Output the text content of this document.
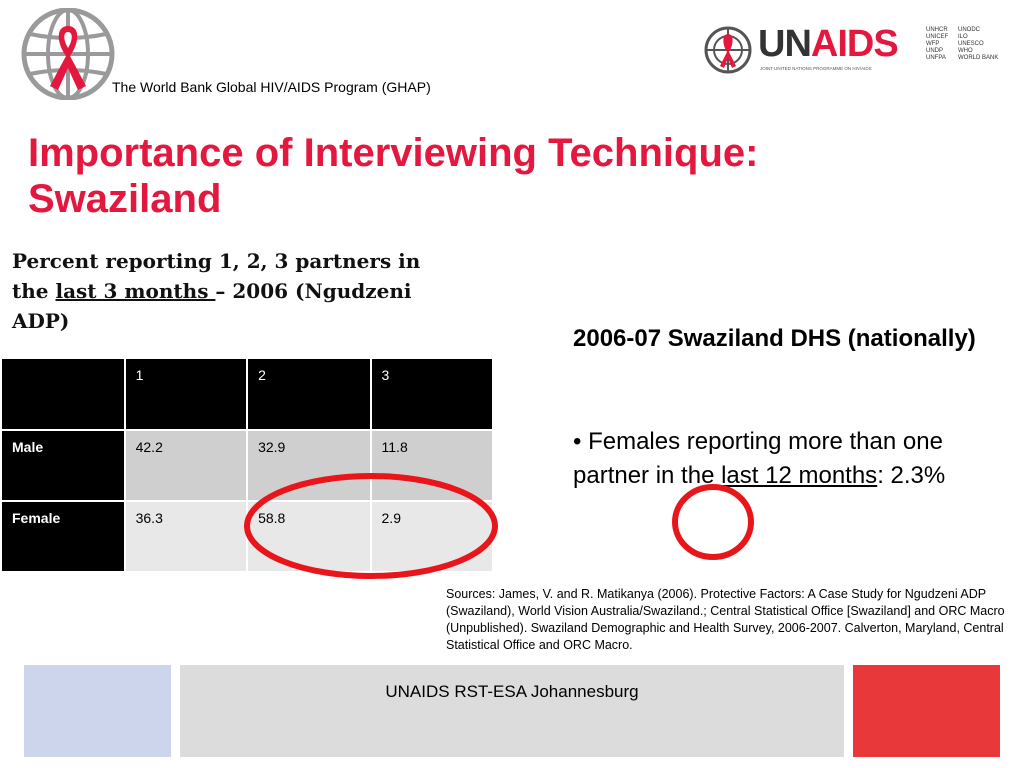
The World Bank Global HIV/AIDS Program (GHAP)
UNAIDS
JOINT UNITED NATIONS PROGRAMME ON HIV/AIDS
UNHCR
UNICEF
WFP
UNDP
UNFPA
UNODC
ILO
UNESCO
WHO
WORLD BANK
Importance of Interviewing Technique:
Swaziland
Percent reporting 1, 2, 3 partners in the last 3 months – 2006 (Ngudzeni ADP)
	1	2	3
Male	42.2	32.9	11.8
Female	36.3	58.8	2.9
2006-07 Swaziland DHS (nationally)
• Females reporting more than one partner in the last 12 months: 2.3%
Sources: James, V. and R. Matikanya (2006). Protective Factors: A Case Study for Ngudzeni ADP (Swaziland), World Vision Australia/Swaziland.; Central Statistical Office [Swaziland] and ORC Macro (Unpublished). Swaziland Demographic and Health Survey, 2006-2007. Calverton, Maryland, Central Statistical Office and ORC Macro.
UNAIDS RST-ESA Johannesburg
